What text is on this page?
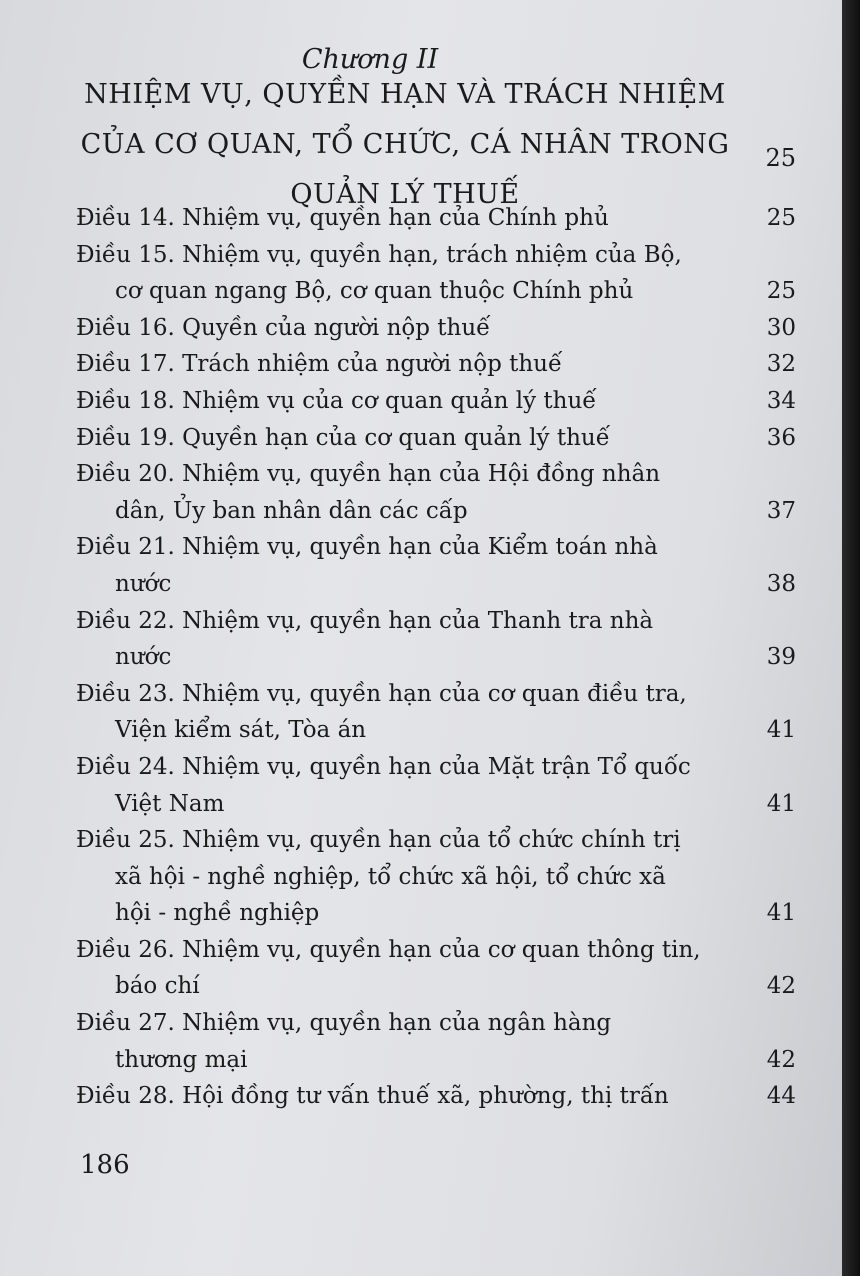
Chương II
NHIỆM VỤ, QUYỀN HẠN VÀ TRÁCH NHIỆM
CỦA CƠ QUAN, TỔ CHỨC, CÁ NHÂN TRONG
QUẢN LÝ THUẾ
25
Điều 14. Nhiệm vụ, quyền hạn của Chính phủ	25
Điều 15. Nhiệm vụ, quyền hạn, trách nhiệm của Bộ,
cơ quan ngang Bộ, cơ quan thuộc Chính phủ	25
Điều 16. Quyền của người nộp thuế	30
Điều 17. Trách nhiệm của người nộp thuế	32
Điều 18. Nhiệm vụ của cơ quan quản lý thuế	34
Điều 19. Quyền hạn của cơ quan quản lý thuế	36
Điều 20. Nhiệm vụ, quyền hạn của Hội đồng nhân
dân, Ủy ban nhân dân các cấp	37
Điều 21. Nhiệm vụ, quyền hạn của Kiểm toán nhà
nước	38
Điều 22. Nhiệm vụ, quyền hạn của Thanh tra nhà
nước	39
Điều 23. Nhiệm vụ, quyền hạn của cơ quan điều tra,
Viện kiểm sát, Tòa án	41
Điều 24. Nhiệm vụ, quyền hạn của Mặt trận Tổ quốc
Việt Nam	41
Điều 25. Nhiệm vụ, quyền hạn của tổ chức chính trị
xã hội - nghề nghiệp, tổ chức xã hội, tổ chức xã
hội - nghề nghiệp	41
Điều 26. Nhiệm vụ, quyền hạn của cơ quan thông tin,
báo chí	42
Điều 27. Nhiệm vụ, quyền hạn của ngân hàng
thương mại	42
Điều 28. Hội đồng tư vấn thuế xã, phường, thị trấn	44
186
